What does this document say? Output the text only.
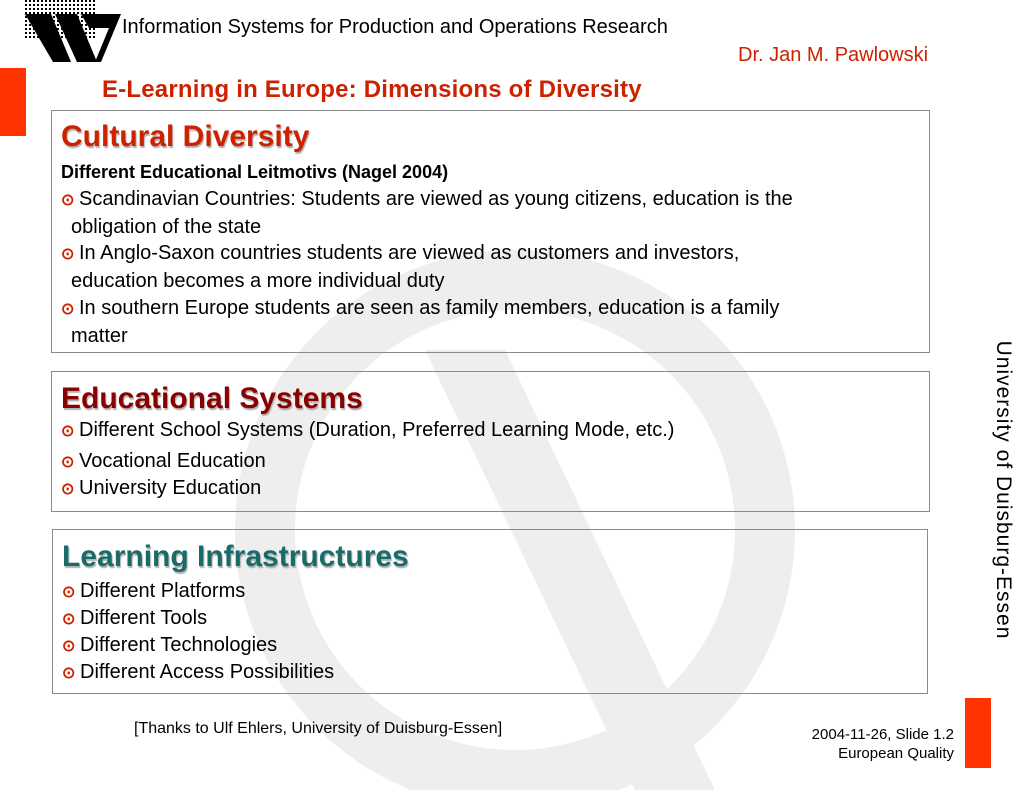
Information Systems for Production and Operations Research
Dr. Jan M. Pawlowski
E-Learning in Europe: Dimensions of Diversity
University of Duisburg-Essen
Cultural Diversity
Different Educational Leitmotivs (Nagel 2004)
⊙ Scandinavian Countries: Students are viewed as young citizens, education is the
obligation of the state
⊙ In Anglo-Saxon countries students are viewed as customers and investors,
education becomes a more individual duty
⊙ In southern Europe students are seen as family members, education is a family
matter
Educational Systems
⊙ Different School Systems (Duration, Preferred Learning Mode, etc.)
⊙ Vocational Education
⊙ University Education
Learning Infrastructures
⊙ Different Platforms
⊙ Different Tools
⊙ Different Technologies
⊙ Different Access Possibilities
[Thanks to Ulf Ehlers, University of Duisburg-Essen]	2004-11-26, Slide 1.2
European Quality
